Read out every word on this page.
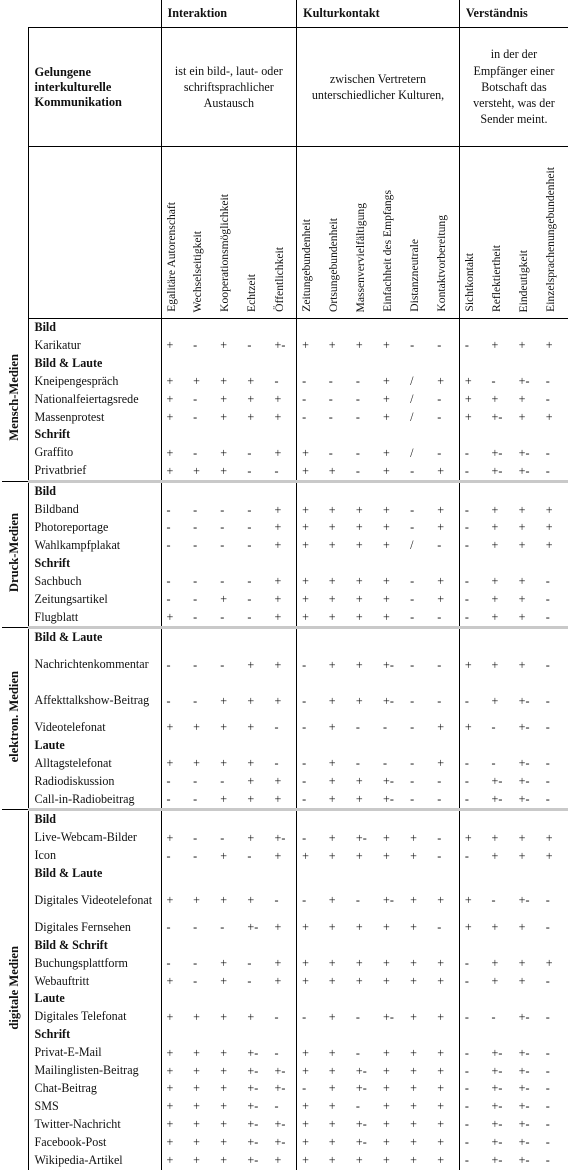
		Interaktion					Kulturkontakt						Verständnis			
	Gelungene interkulturelle Kommunikation	ist ein bild-, laut- oder schriftsprachlicher Austausch					zwischen Vertretern unterschiedlicher Kulturen,						in der der Empfänger einer Botschaft das versteht, was der Sender meint.			

		Egalitäre Autorenschaft	Wechselseitigkeit	Kooperationsmöglichkeit	Echtzeit	Öffentlichkeit	Zeitungebundenheit	Ortsungebundenheit	Massenvervielfältigung	Einfachheit des Empfangs	Distanzneutrale	Kontaktvorbereitung	Sichtkontakt	Reflektiertheit	Eindeutigkeit	Einzelsprachenungebundenheit

Mensch-Medien	Bild															
	Karikatur	+	-	+	-	+-	+	+	+	+	-	-	-	+	+	+
	Bild & Laute															
	Kneipengespräch	+	+	+	+	-	-	-	-	+	/	+	+	-	+-	-
	Nationalfeiertagsrede	+	-	+	+	+	-	-	-	+	/	-	+	+	+	-
	Massenprotest	+	-	+	+	+	-	-	-	+	/	-	+	+-	+	+
	Schrift															
	Graffito	+	-	+	-	+	+	-	-	+	/	-	-	+-	+-	-
	Privatbrief	+	+	+	-	-	+	+	-	+	-	+	-	+-	+-	-
Druck-Medien	Bild															
	Bildband	-	-	-	-	+	+	+	+	+	-	+	-	+	+	+
	Photoreportage	-	-	-	-	+	+	+	+	+	-	+	-	+	+	+
	Wahlkampfplakat	-	-	-	-	+	+	+	+	+	/	-	-	+	+	+
	Schrift															
	Sachbuch	-	-	-	-	+	+	+	+	+	-	+	-	+	+	-
	Zeitungsartikel	-	-	+	-	+	+	+	+	+	-	+	-	+	+	-
	Flugblatt	+	-	-	-	+	+	+	+	+	-	-	-	+	+	-
elektron. Medien	Bild & Laute															
	Nachrichtenkommentar	-	-	-	+	+	-	+	+	+-	-	-	+	+	+	-
	Affekttalkshow-Beitrag	-	-	+	+	+	-	+	+	+-	-	-	-	+	+-	-
	Videotelefonat	+	+	+	+	-	-	+	-	-	-	+	+	-	+-	-
	Laute															
	Alltagstelefonat	+	+	+	+	-	-	+	-	-	-	+	-	-	+-	-
	Radiodiskussion	-	-	-	+	+	-	+	+	+-	-	-	-	+-	+-	-
	Call-in-Radiobeitrag	-	-	+	+	+	-	+	+	+-	-	-	-	+-	+-	-
digitale Medien	Bild															
	Live-Webcam-Bilder	+	-	-	+	+-	-	+	+-	+	+	-	+	+	+	+
	Icon	-	-	+	-	+	+	+	+	+	+	-	-	+	+	+
	Bild & Laute															
	Digitales Videotelefonat	+	+	+	+	-	-	+	-	+-	+	+	+	-	+-	-
	Digitales Fernsehen	-	-	-	+-	+	+	+	+	+	+	-	+	+	+	-
	Bild & Schrift															
	Buchungsplattform	-	-	+	-	+	+	+	+	+	+	+	-	+	+	+
	Webauftritt	+	-	+	-	+	+	+	+	+	+	+	-	+	+	-
	Laute															
	Digitales Telefonat	+	+	+	+	-	-	+	-	+-	+	+	-	-	+-	-
	Schrift															
	Privat-E-Mail	+	+	+	+-	-	+	+	-	+	+	+	-	+-	+-	-
	Mailinglisten-Beitrag	+	+	+	+-	+-	+	+	+-	+	+	+	-	+-	+-	-
	Chat-Beitrag	+	+	+	+-	+-	-	+	+-	+	+	+	-	+-	+-	-
	SMS	+	+	+	+-	-	+	+	-	+	+	+	-	+-	+-	-
	Twitter-Nachricht	+	+	+	+-	+-	+	+	+-	+	+	+	-	+-	+-	-
	Facebook-Post	+	+	+	+-	+-	+	+	+-	+	+	+	-	+-	+-	-
	Wikipedia-Artikel	+	+	+	+-	+	+	+	+	+	+	+	-	+-	+-	-
